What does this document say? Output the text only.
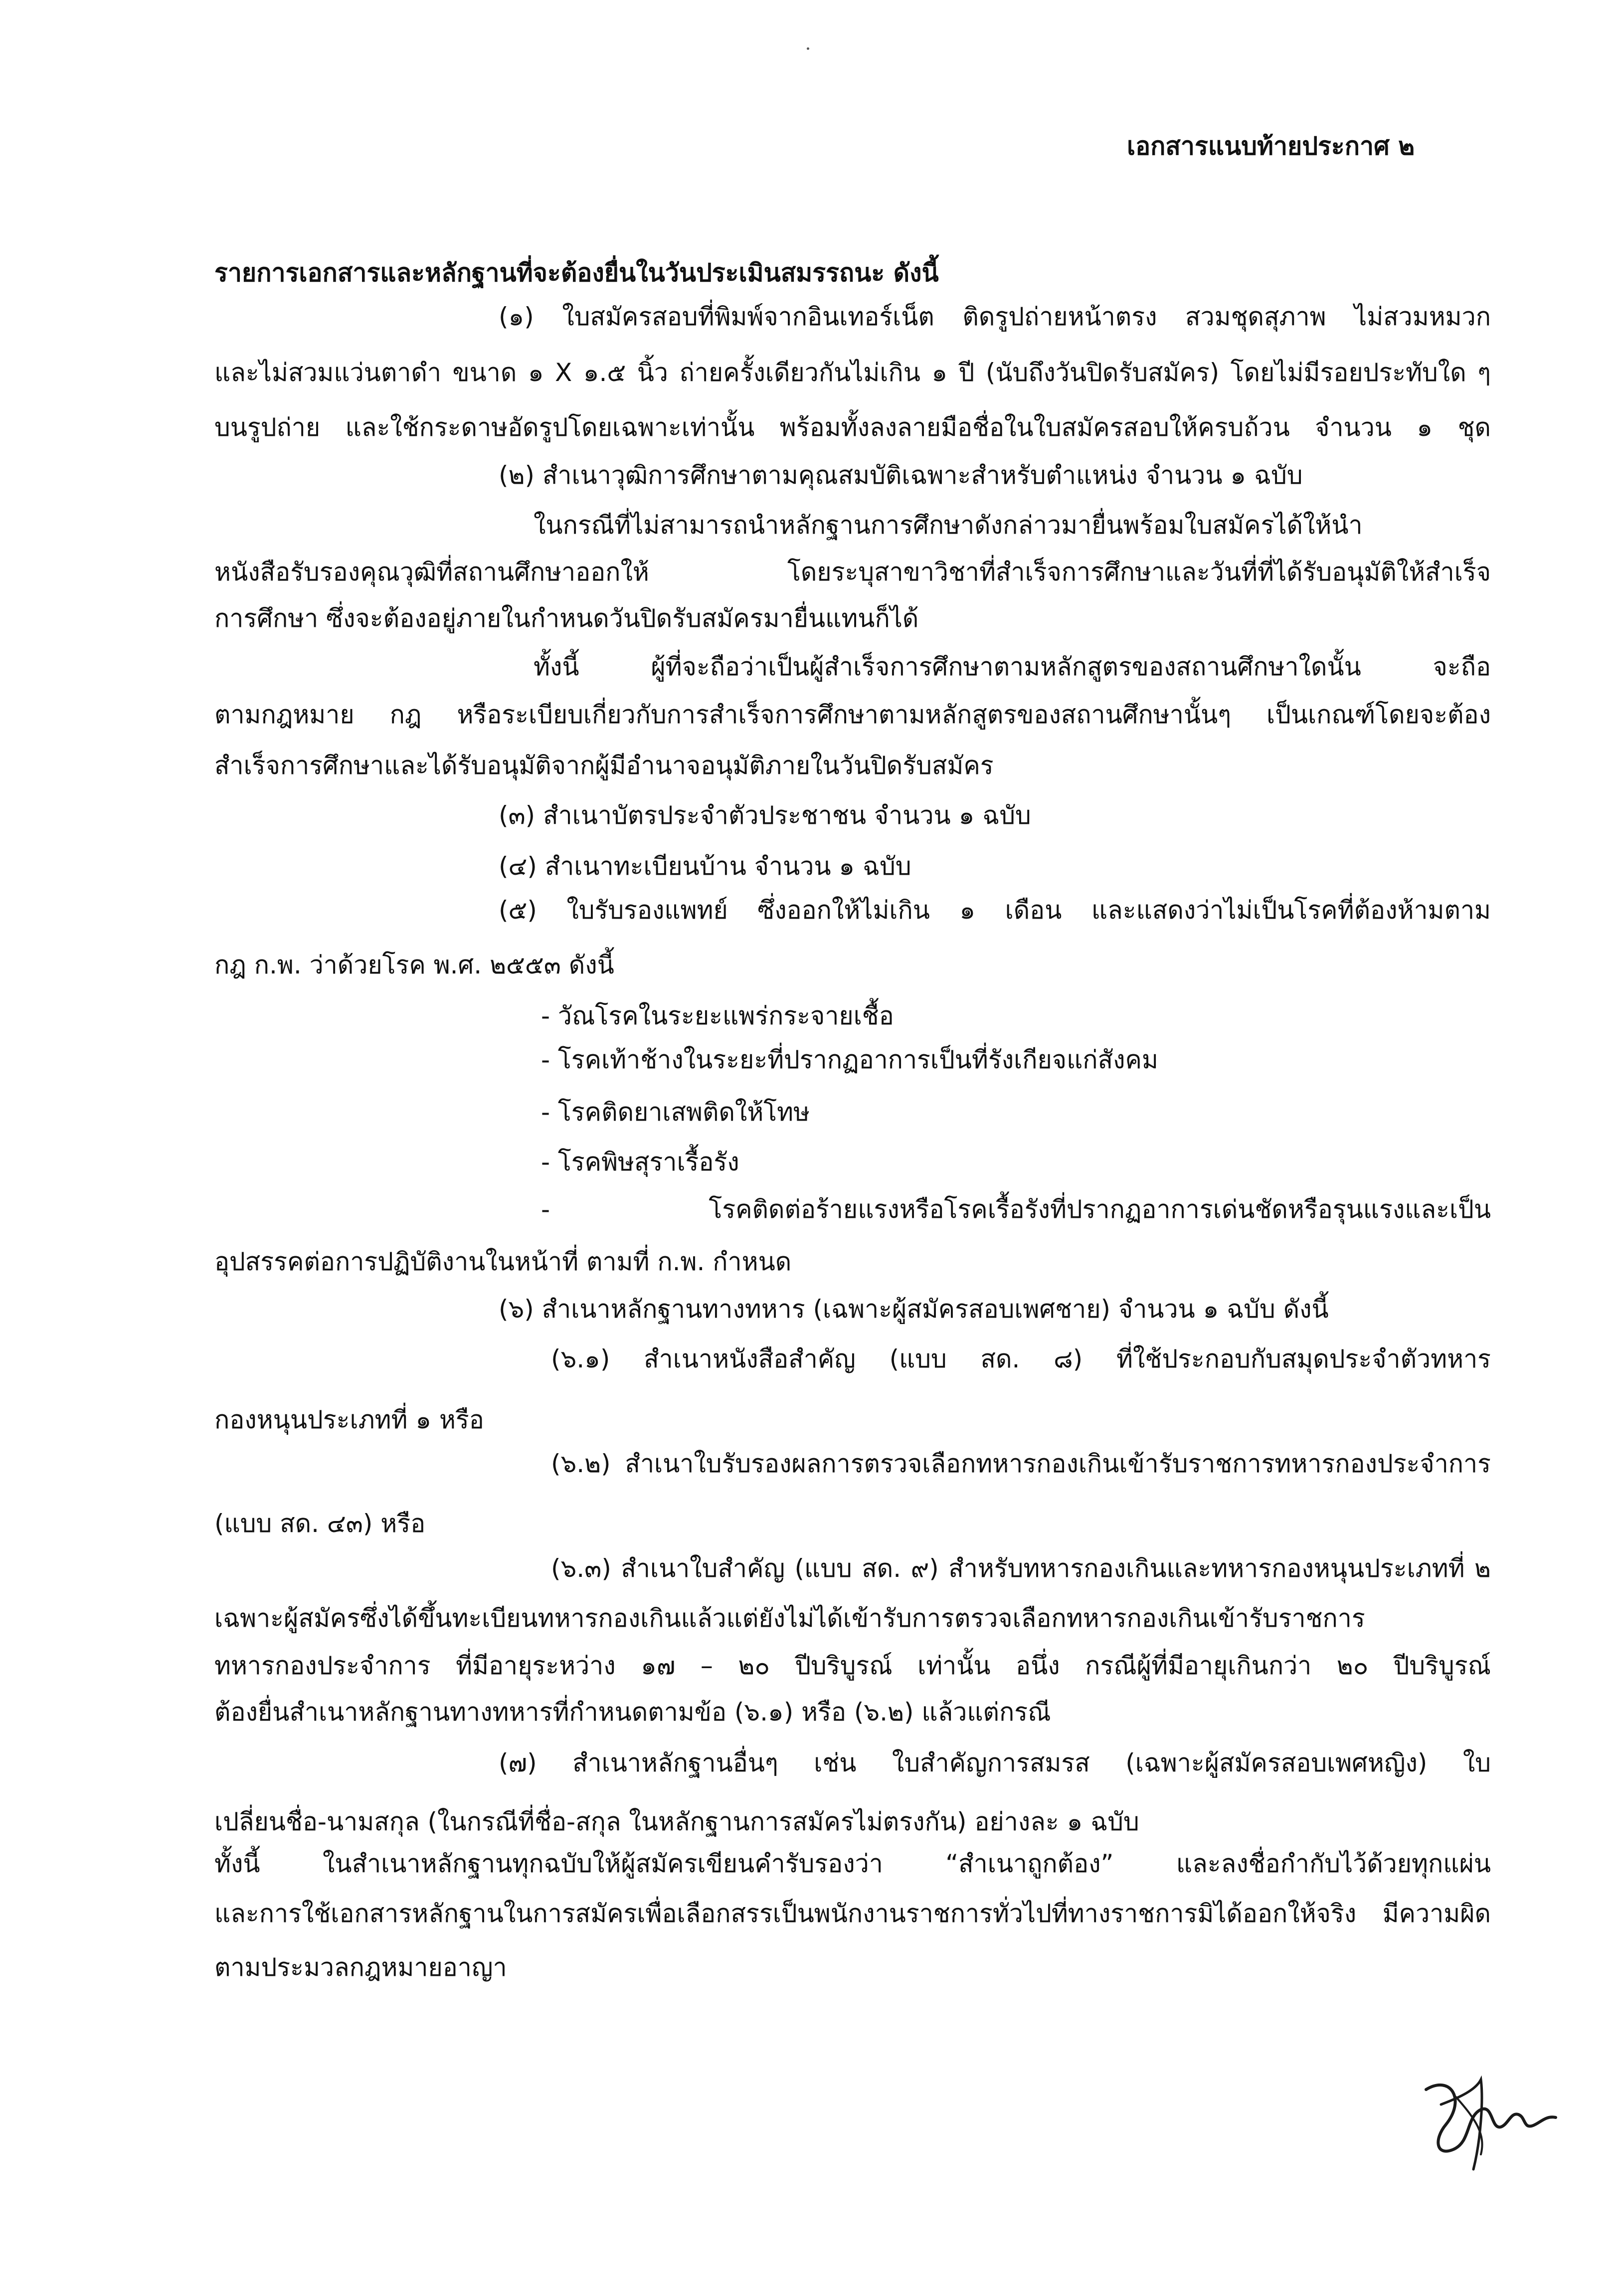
เอกสารแนบท้ายประกาศ ๒
รายการเอกสารและหลักฐานที่จะต้องยื่นในวันประเมินสมรรถนะ ดังนี้
(๑) ใบสมัครสอบที่พิมพ์จากอินเทอร์เน็ต ติดรูปถ่ายหน้าตรง สวมชุดสุภาพ ไม่สวมหมวก
และไม่สวมแว่นตาดำ ขนาด ๑ X ๑.๕ นิ้ว ถ่ายครั้งเดียวกันไม่เกิน ๑ ปี (นับถึงวันปิดรับสมัคร) โดยไม่มีรอยประทับใด ๆ
บนรูปถ่าย และใช้กระดาษอัดรูปโดยเฉพาะเท่านั้น พร้อมทั้งลงลายมือชื่อในใบสมัครสอบให้ครบถ้วน จำนวน ๑ ชุด
(๒) สำเนาวุฒิการศึกษาตามคุณสมบัติเฉพาะสำหรับตำแหน่ง จำนวน ๑ ฉบับ
ในกรณีที่ไม่สามารถนำหลักฐานการศึกษาดังกล่าวมายื่นพร้อมใบสมัครได้ให้นำ
หนังสือรับรองคุณวุฒิที่สถานศึกษาออกให้ โดยระบุสาขาวิชาที่สำเร็จการศึกษาและวันที่ที่ได้รับอนุมัติให้สำเร็จ
การศึกษา ซึ่งจะต้องอยู่ภายในกำหนดวันปิดรับสมัครมายื่นแทนก็ได้
ทั้งนี้ ผู้ที่จะถือว่าเป็นผู้สำเร็จการศึกษาตามหลักสูตรของสถานศึกษาใดนั้น จะถือ
ตามกฎหมาย กฎ หรือระเบียบเกี่ยวกับการสำเร็จการศึกษาตามหลักสูตรของสถานศึกษานั้นๆ เป็นเกณฑ์โดยจะต้อง
สำเร็จการศึกษาและได้รับอนุมัติจากผู้มีอำนาจอนุมัติภายในวันปิดรับสมัคร
(๓) สำเนาบัตรประจำตัวประชาชน จำนวน ๑ ฉบับ
(๔) สำเนาทะเบียนบ้าน จำนวน ๑ ฉบับ
(๕) ใบรับรองแพทย์ ซึ่งออกให้ไม่เกิน ๑ เดือน และแสดงว่าไม่เป็นโรคที่ต้องห้ามตาม
กฎ ก.พ. ว่าด้วยโรค พ.ศ. ๒๕๕๓ ดังนี้
- วัณโรคในระยะแพร่กระจายเชื้อ
- โรคเท้าช้างในระยะที่ปรากฏอาการเป็นที่รังเกียจแก่สังคม
- โรคติดยาเสพติดให้โทษ
- โรคพิษสุราเรื้อรัง
- โรคติดต่อร้ายแรงหรือโรคเรื้อรังที่ปรากฏอาการเด่นชัดหรือรุนแรงและเป็น
อุปสรรคต่อการปฏิบัติงานในหน้าที่ ตามที่ ก.พ. กำหนด
(๖) สำเนาหลักฐานทางทหาร (เฉพาะผู้สมัครสอบเพศชาย) จำนวน ๑ ฉบับ ดังนี้
(๖.๑) สำเนาหนังสือสำคัญ (แบบ สด. ๘) ที่ใช้ประกอบกับสมุดประจำตัวทหาร
กองหนุนประเภทที่ ๑ หรือ
(๖.๒) สำเนาใบรับรองผลการตรวจเลือกทหารกองเกินเข้ารับราชการทหารกองประจำการ
(แบบ สด. ๔๓) หรือ
(๖.๓) สำเนาใบสำคัญ (แบบ สด. ๙) สำหรับทหารกองเกินและทหารกองหนุนประเภทที่ ๒
เฉพาะผู้สมัครซึ่งได้ขึ้นทะเบียนทหารกองเกินแล้วแต่ยังไม่ได้เข้ารับการตรวจเลือกทหารกองเกินเข้ารับราชการ
ทหารกองประจำการ ที่มีอายุระหว่าง ๑๗ – ๒๐ ปีบริบูรณ์ เท่านั้น อนึ่ง กรณีผู้ที่มีอายุเกินกว่า ๒๐ ปีบริบูรณ์
ต้องยื่นสำเนาหลักฐานทางทหารที่กำหนดตามข้อ (๖.๑) หรือ (๖.๒) แล้วแต่กรณี
(๗) สำเนาหลักฐานอื่นๆ เช่น ใบสำคัญการสมรส (เฉพาะผู้สมัครสอบเพศหญิง) ใบ
เปลี่ยนชื่อ-นามสกุล (ในกรณีที่ชื่อ-สกุล ในหลักฐานการสมัครไม่ตรงกัน) อย่างละ ๑ ฉบับ
ทั้งนี้ ในสำเนาหลักฐานทุกฉบับให้ผู้สมัครเขียนคำรับรองว่า “สำเนาถูกต้อง” และลงชื่อกำกับไว้ด้วยทุกแผ่น
และการใช้เอกสารหลักฐานในการสมัครเพื่อเลือกสรรเป็นพนักงานราชการทั่วไปที่ทางราชการมิได้ออกให้จริง มีความผิด
ตามประมวลกฎหมายอาญา
